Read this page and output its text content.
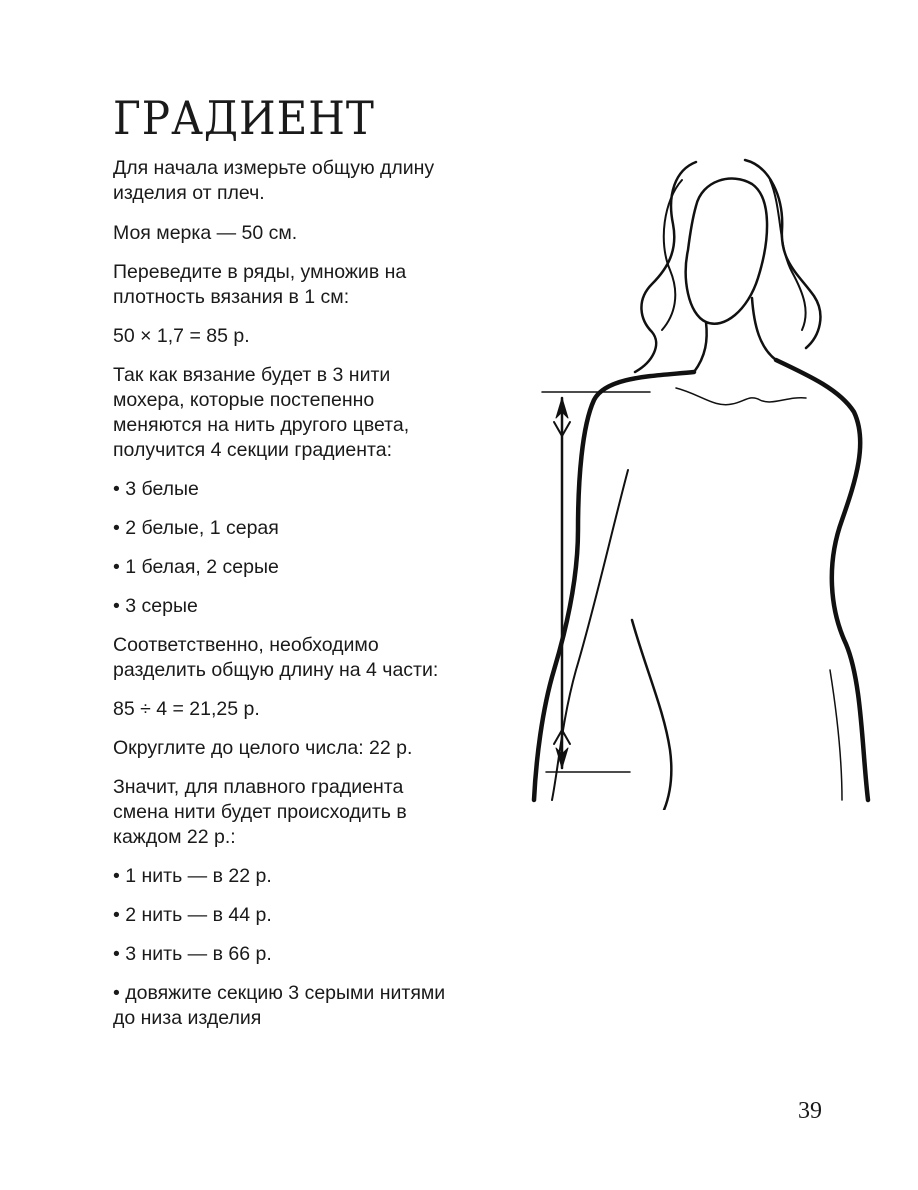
ГРАДИЕНТ

Для начала измерьте общую длину изделия от плеч.

Моя мерка — 50 см.

Переведите в ряды, умножив на плотность вязания в 1 см:

50 × 1,7 = 85 р.

Так как вязание будет в 3 нити мохера, которые постепенно меняются на нить другого цвета, получится 4 секции градиента:

• 3 белые

• 2 белые, 1 серая

• 1 белая, 2 серые

• 3 серые

Соответственно, необходимо разделить общую длину на 4 части:

85 ÷ 4 = 21,25 р.

Округлите до целого числа: 22 р.

Значит, для плавного градиента смена нити будет происходить в каждом 22 р.:

• 1 нить — в 22 р.

• 2 нить — в 44 р.

• 3 нить — в 66 р.

• довяжите секцию 3 серыми нитями до низа изделия

39
